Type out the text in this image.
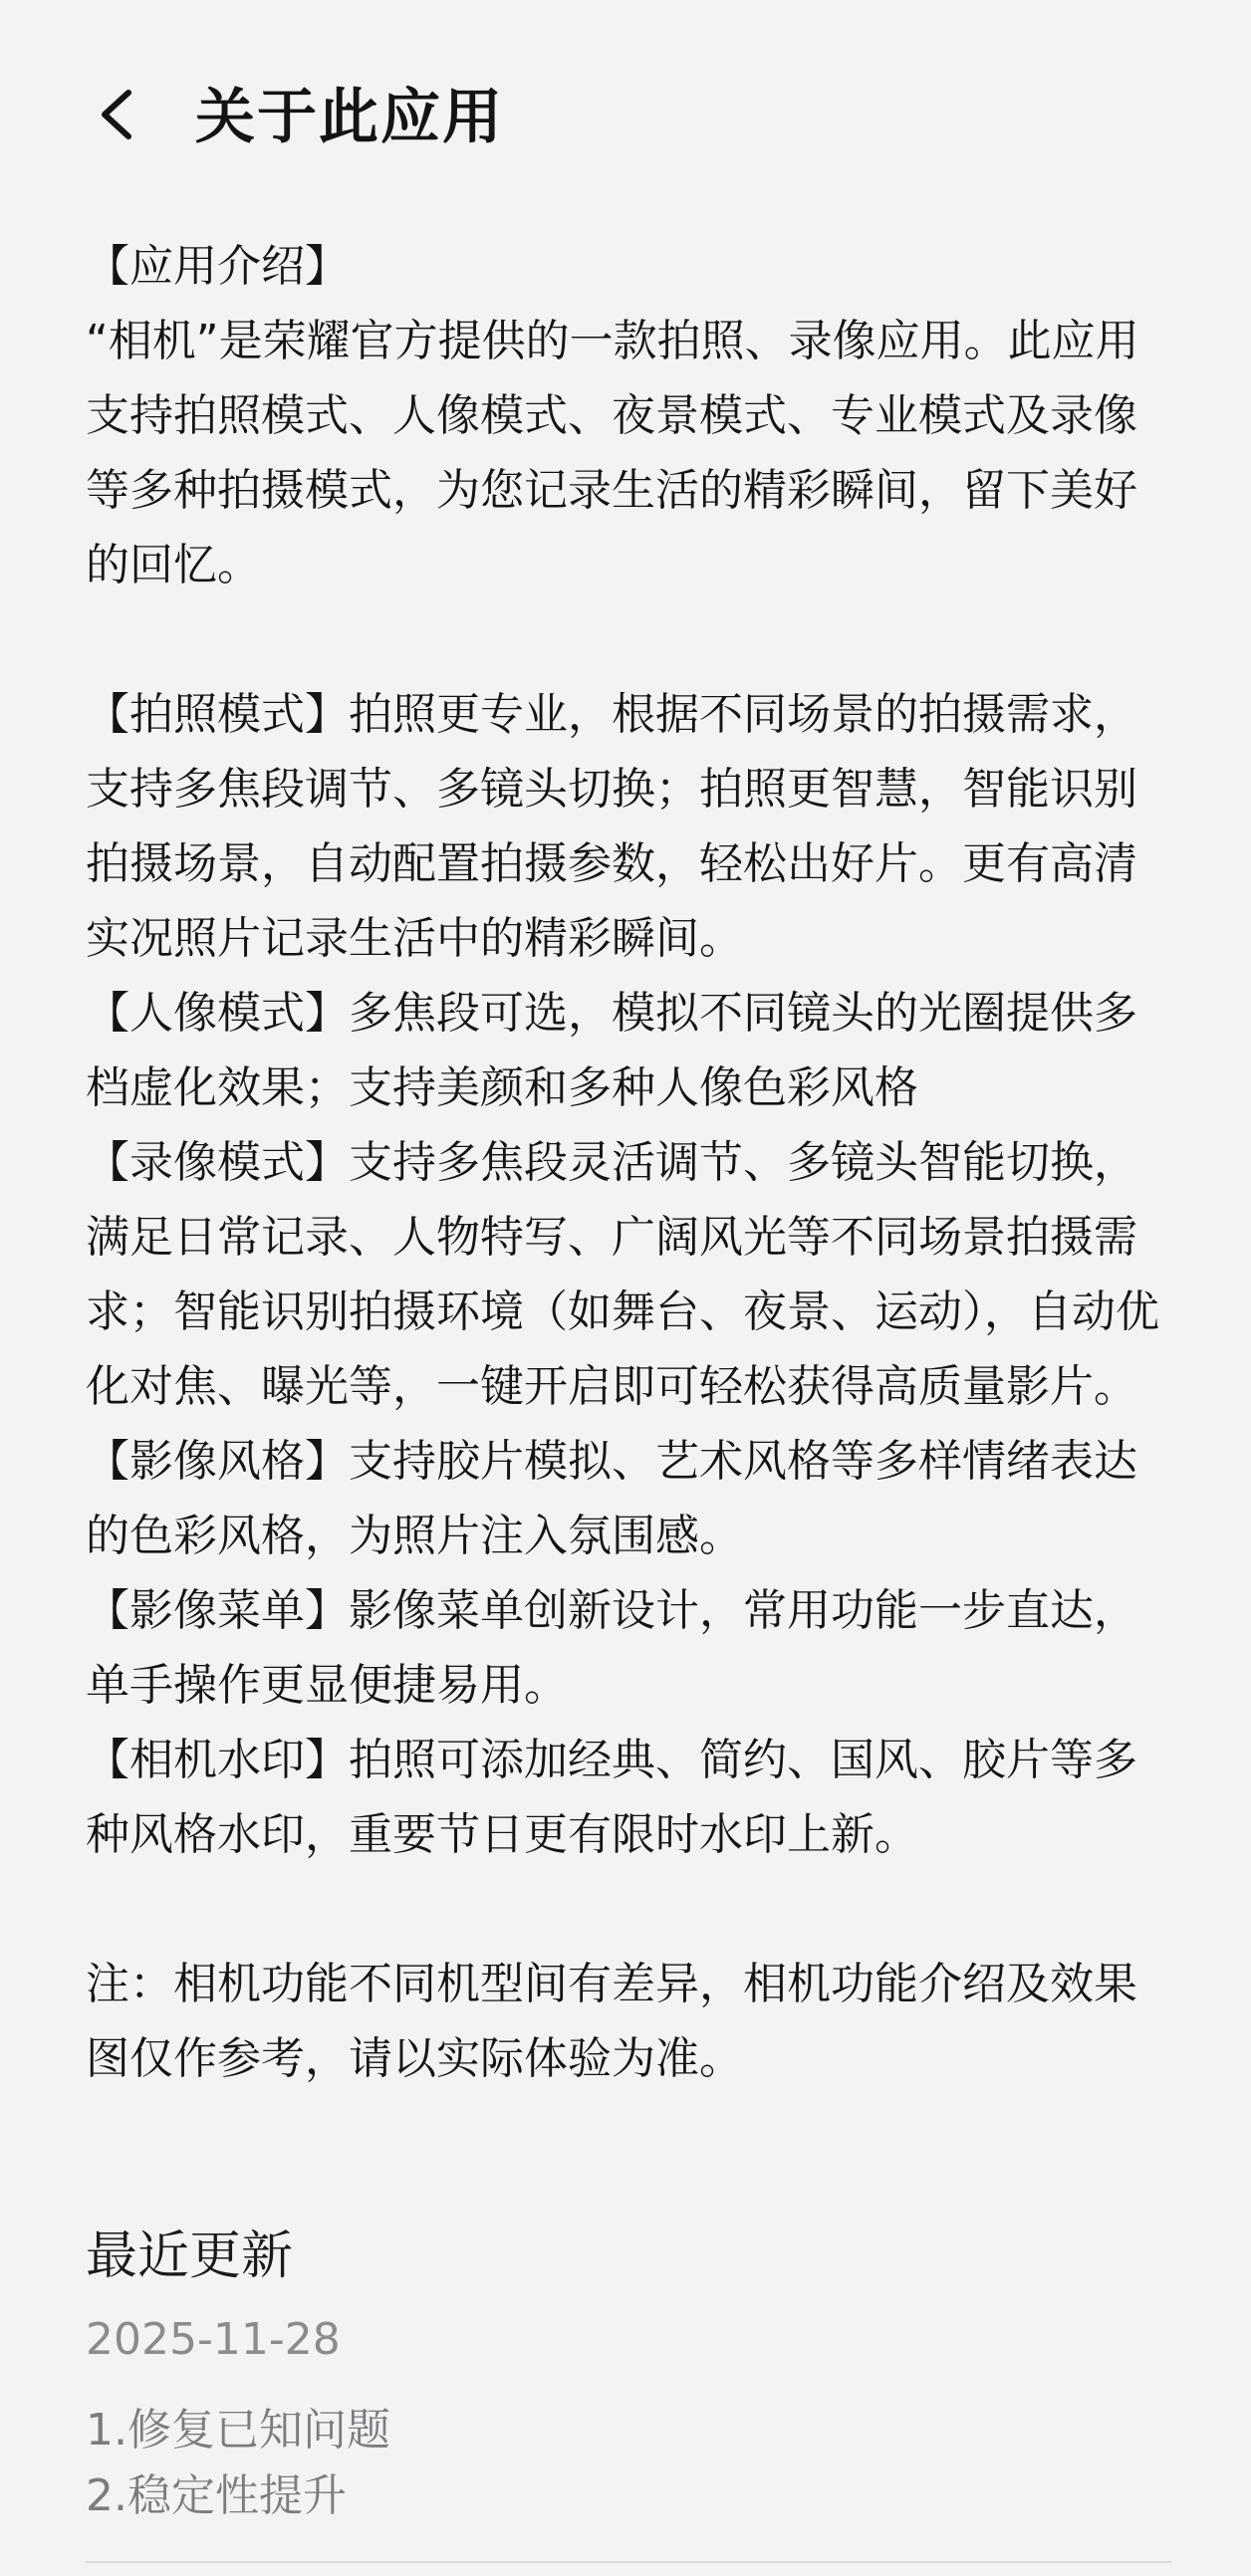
关于此应用

【应用介绍】

“相机”是荣耀官方提供的一款拍照、录像应用。此应用支持拍照模式、人像模式、夜景模式、专业模式及录像等多种拍摄模式，为您记录生活的精彩瞬间，留下美好的回忆。

【拍照模式】拍照更专业，根据不同场景的拍摄需求，支持多焦段调节、多镜头切换；拍照更智慧，智能识别拍摄场景，自动配置拍摄参数，轻松出好片。更有高清实况照片记录生活中的精彩瞬间。

【人像模式】多焦段可选，模拟不同镜头的光圈提供多档虚化效果；支持美颜和多种人像色彩风格

【录像模式】支持多焦段灵活调节、多镜头智能切换，满足日常记录、人物特写、广阔风光等不同场景拍摄需求；智能识别拍摄环境（如舞台、夜景、运动），自动优化对焦、曝光等，一键开启即可轻松获得高质量影片。

【影像风格】支持胶片模拟、艺术风格等多样情绪表达的色彩风格，为照片注入氛围感。

【影像菜单】影像菜单创新设计，常用功能一步直达，单手操作更显便捷易用。

【相机水印】拍照可添加经典、简约、国风、胶片等多种风格水印，重要节日更有限时水印上新。

注：相机功能不同机型间有差异，相机功能介绍及效果图仅作参考，请以实际体验为准。

最近更新
2025-11-28
1.修复已知问题
2.稳定性提升
